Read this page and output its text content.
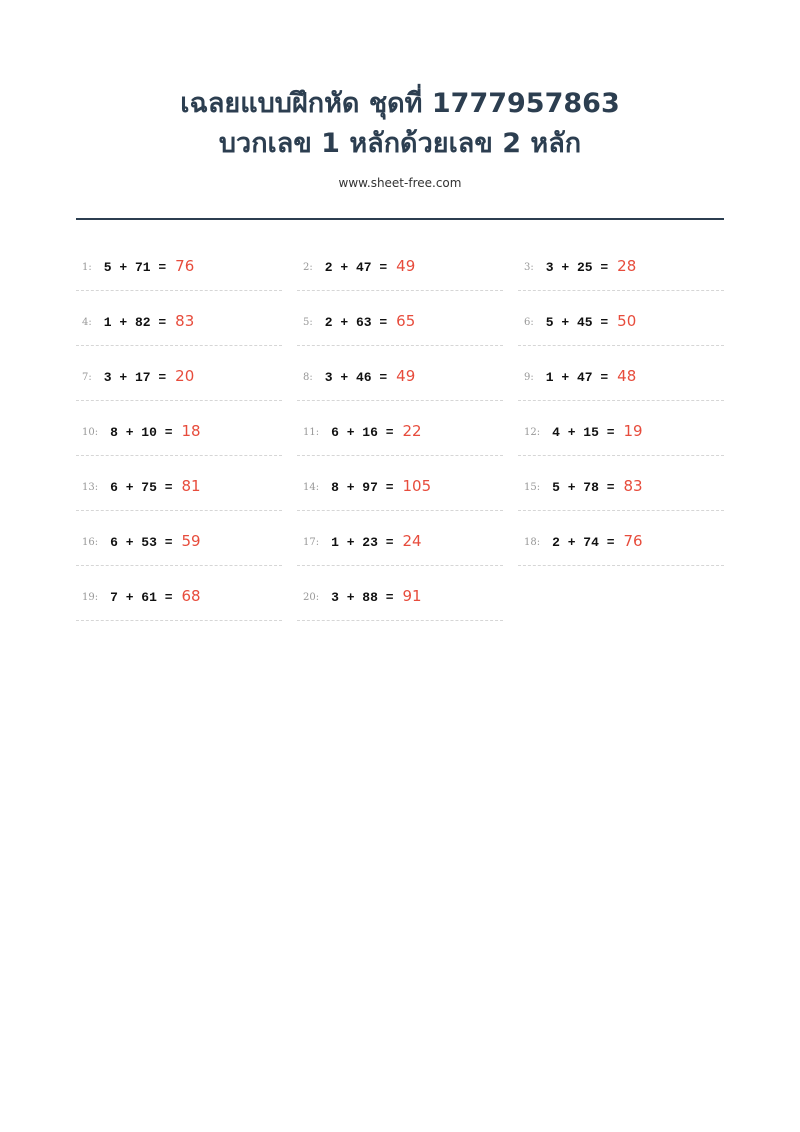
เฉลยแบบฝึกหัด ชุดที่ 1777957863
บวกเลข 1 หลักด้วยเลข 2 หลัก
www.sheet-free.com
1: 5 + 71 = 76	2: 2 + 47 = 49	3: 3 + 25 = 28
4: 1 + 82 = 83	5: 2 + 63 = 65	6: 5 + 45 = 50
7: 3 + 17 = 20	8: 3 + 46 = 49	9: 1 + 47 = 48
10: 8 + 10 = 18	11: 6 + 16 = 22	12: 4 + 15 = 19
13: 6 + 75 = 81	14: 8 + 97 = 105	15: 5 + 78 = 83
16: 6 + 53 = 59	17: 1 + 23 = 24	18: 2 + 74 = 76
19: 7 + 61 = 68	20: 3 + 88 = 91
